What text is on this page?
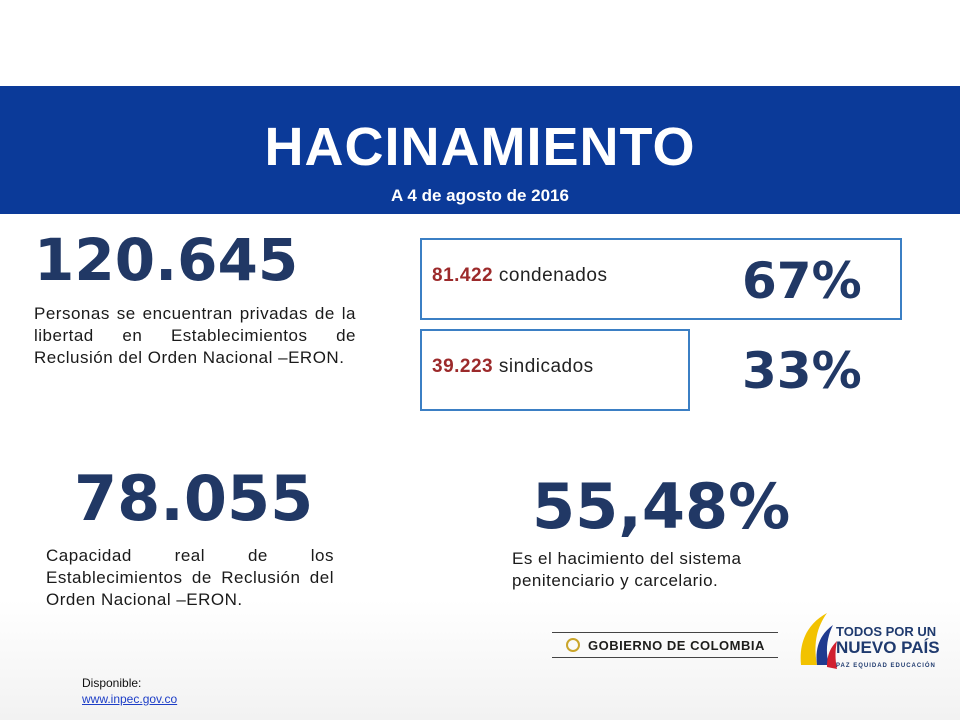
HACINAMIENTO
A 4 de agosto de 2016
120.645
Personas se encuentran privadas de la libertad en Establecimientos de Reclusión del Orden Nacional –ERON.
81.422 condenados	67%
39.223 sindicados	33%
78.055
Capacidad real de los Establecimientos de Reclusión del Orden Nacional –ERON.
55,48%
Es el hacimiento del sistema penitenciario y carcelario.
GOBIERNO DE COLOMBIA
TODOS POR UN
NUEVO PAÍS
PAZ EQUIDAD EDUCACIÓN
Disponible:
www.inpec.gov.co
